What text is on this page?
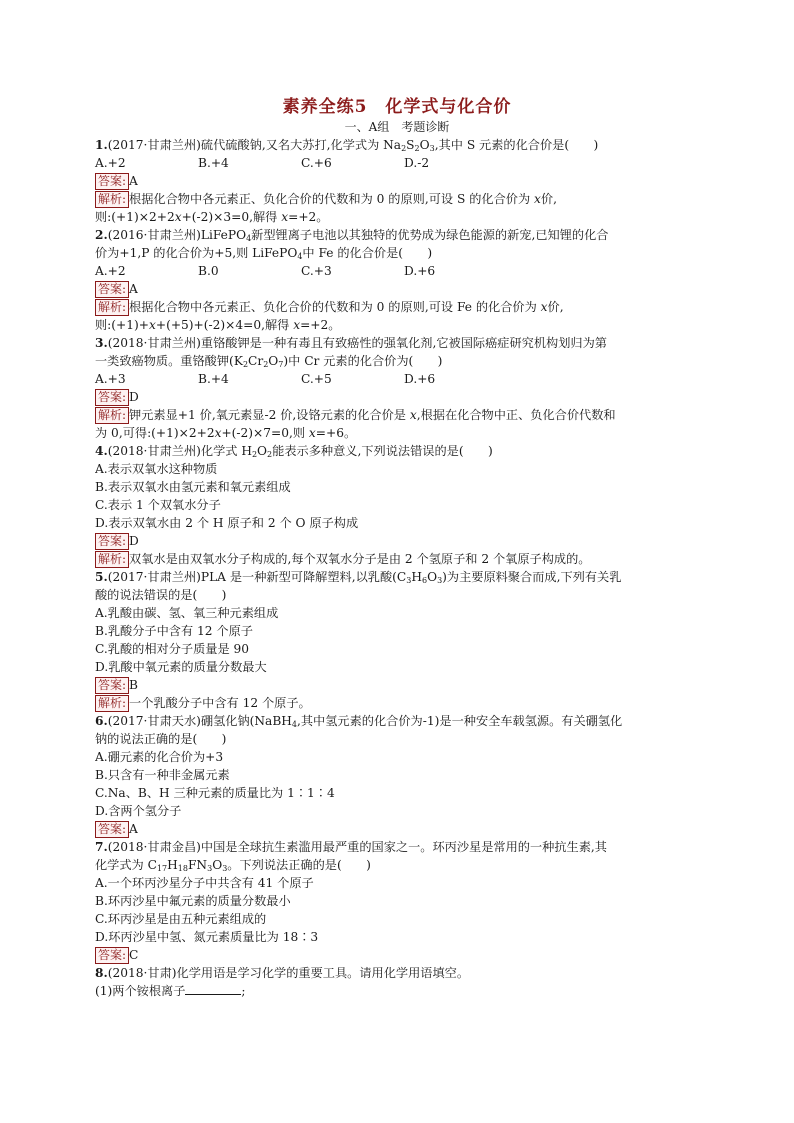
素养全练5　化学式与化合价
一、A组　考题诊断
1.(2017·甘肃兰州)硫代硫酸钠,又名大苏打,化学式为 $Na_2S_2O_3$,其中 S 元素的化合价是(　　)
A.+2	B.+4	C.+6	D.-2
答案: A
解析: 根据化合物中各元素正、负化合价的代数和为 0 的原则,可设 S 的化合价为 x价,
则:(+1)×2+2x+(-2)×3=0,解得 x=+2。
2.(2016·甘肃兰州)LiFePO$_4$新型锂离子电池以其独特的优势成为绿色能源的新宠,已知锂的化合
价为+1,P 的化合价为+5,则 LiFePO$_4$中 Fe 的化合价是(　　)
A.+2	B.0	C.+3	D.+6
答案: A
解析: 根据化合物中各元素正、负化合价的代数和为 0 的原则,可设 Fe 的化合价为 x价,
则:(+1)+x+(+5)+(-2)×4=0,解得 x=+2。
3.(2018·甘肃兰州)重铬酸钾是一种有毒且有致癌性的强氧化剂,它被国际癌症研究机构划归为第
一类致癌物质。重铬酸钾$(K_2Cr_2O_7)$中 Cr 元素的化合价为(　　)
A.+3	B.+4	C.+5	D.+6
答案: D
解析: 钾元素显+1 价,氧元素显-2 价,设铬元素的化合价是 x,根据在化合物中正、负化合价代数和
为 0,可得:(+1)×2+2x+(-2)×7=0,则 x=+6。
4.(2018·甘肃兰州)化学式 $H_2O_2$能表示多种意义,下列说法错误的是(　　)
A.表示双氧水这种物质
B.表示双氧水由氢元素和氧元素组成
C.表示 1 个双氧水分子
D.表示双氧水由 2 个 H 原子和 2 个 O 原子构成
答案: D
解析: 双氧水是由双氧水分子构成的,每个双氧水分子是由 2 个氢原子和 2 个氧原子构成的。
5.(2017·甘肃兰州)PLA 是一种新型可降解塑料,以乳酸$(C_3H_6O_3)$为主要原料聚合而成,下列有关乳
酸的说法错误的是(　　)
A.乳酸由碳、氢、氧三种元素组成
B.乳酸分子中含有 12 个原子
C.乳酸的相对分子质量是 90
D.乳酸中氧元素的质量分数最大
答案: B
解析: 一个乳酸分子中含有 12 个原子。
6.(2017·甘肃天水)硼氢化钠(NaBH$_4$,其中氢元素的化合价为-1)是一种安全车载氢源。有关硼氢化
钠的说法正确的是(　　)
A.硼元素的化合价为+3
B.只含有一种非金属元素
C.Na、B、H 三种元素的质量比为 1∶1∶4
D.含两个氢分子
答案: A
7.(2018·甘肃金昌)中国是全球抗生素滥用最严重的国家之一。环丙沙星是常用的一种抗生素,其
化学式为 $C_{17}H_{18}FN_3O_3$。下列说法正确的是(　　)
A.一个环丙沙星分子中共含有 41 个原子
B.环丙沙星中氟元素的质量分数最小
C.环丙沙星是由五种元素组成的
D.环丙沙星中氢、氮元素质量比为 18∶3
答案: C
8.(2018·甘肃)化学用语是学习化学的重要工具。请用化学用语填空。
(1)两个铵根离子	;
